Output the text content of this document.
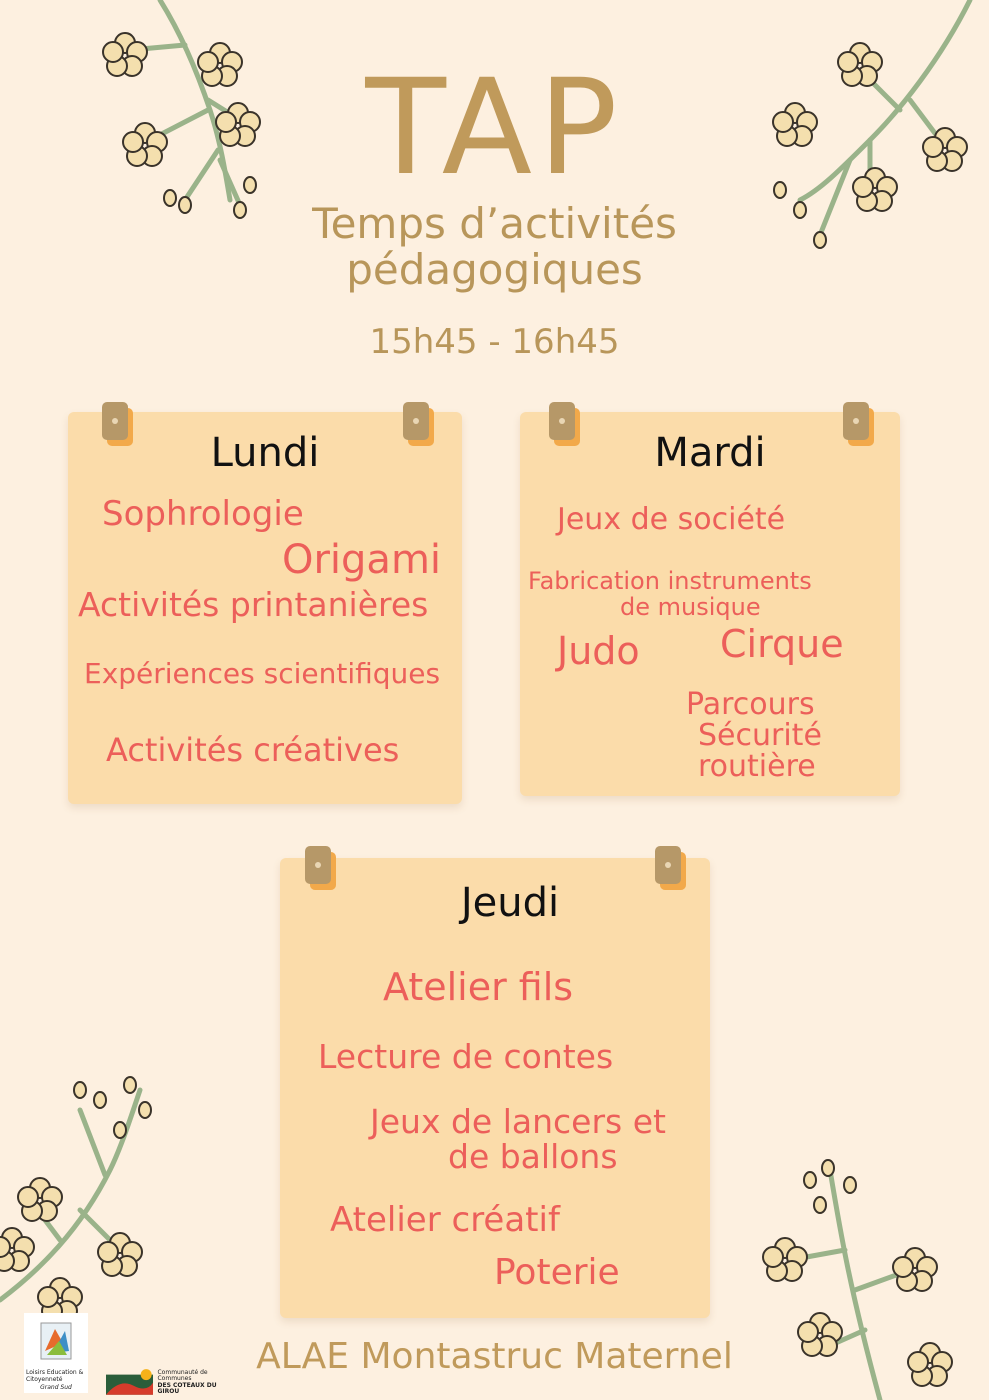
TAP
Temps d’activités
pédagogiques
15h45 - 16h45
Lundi
Sophrologie
Origami
Activités printanières
Expériences scientifiques
Activités créatives
Mardi
Jeux de société
Fabrication instruments
de musique
Judo Cirque
Parcours
Sécurité
routière
Jeudi
Atelier fils
Lecture de contes
Jeux de lancers et
de ballons
Atelier créatif
Poterie
ALAE Montastruc Maternel
Loisirs Education & Citoyenneté
Grand Sud
Communauté de Communes
DES COTEAUX DU GIROU
